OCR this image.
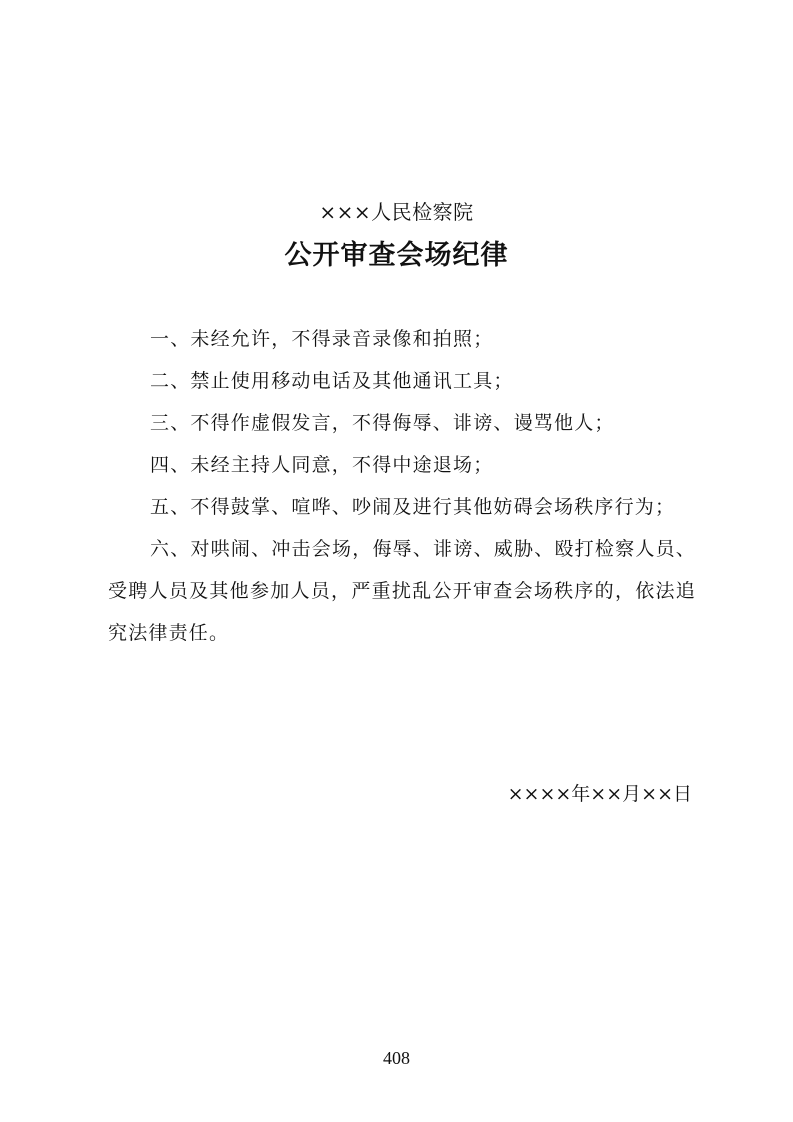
×××人民检察院
公开审查会场纪律
一、未经允许，不得录音录像和拍照；
二、禁止使用移动电话及其他通讯工具；
三、不得作虚假发言，不得侮辱、诽谤、谩骂他人；
四、未经主持人同意，不得中途退场；
五、不得鼓掌、喧哗、吵闹及进行其他妨碍会场秩序行为；
六、对哄闹、冲击会场，侮辱、诽谤、威胁、殴打检察人员、受聘人员及其他参加人员，严重扰乱公开审查会场秩序的，依法追究法律责任。
××××年××月××日
408
